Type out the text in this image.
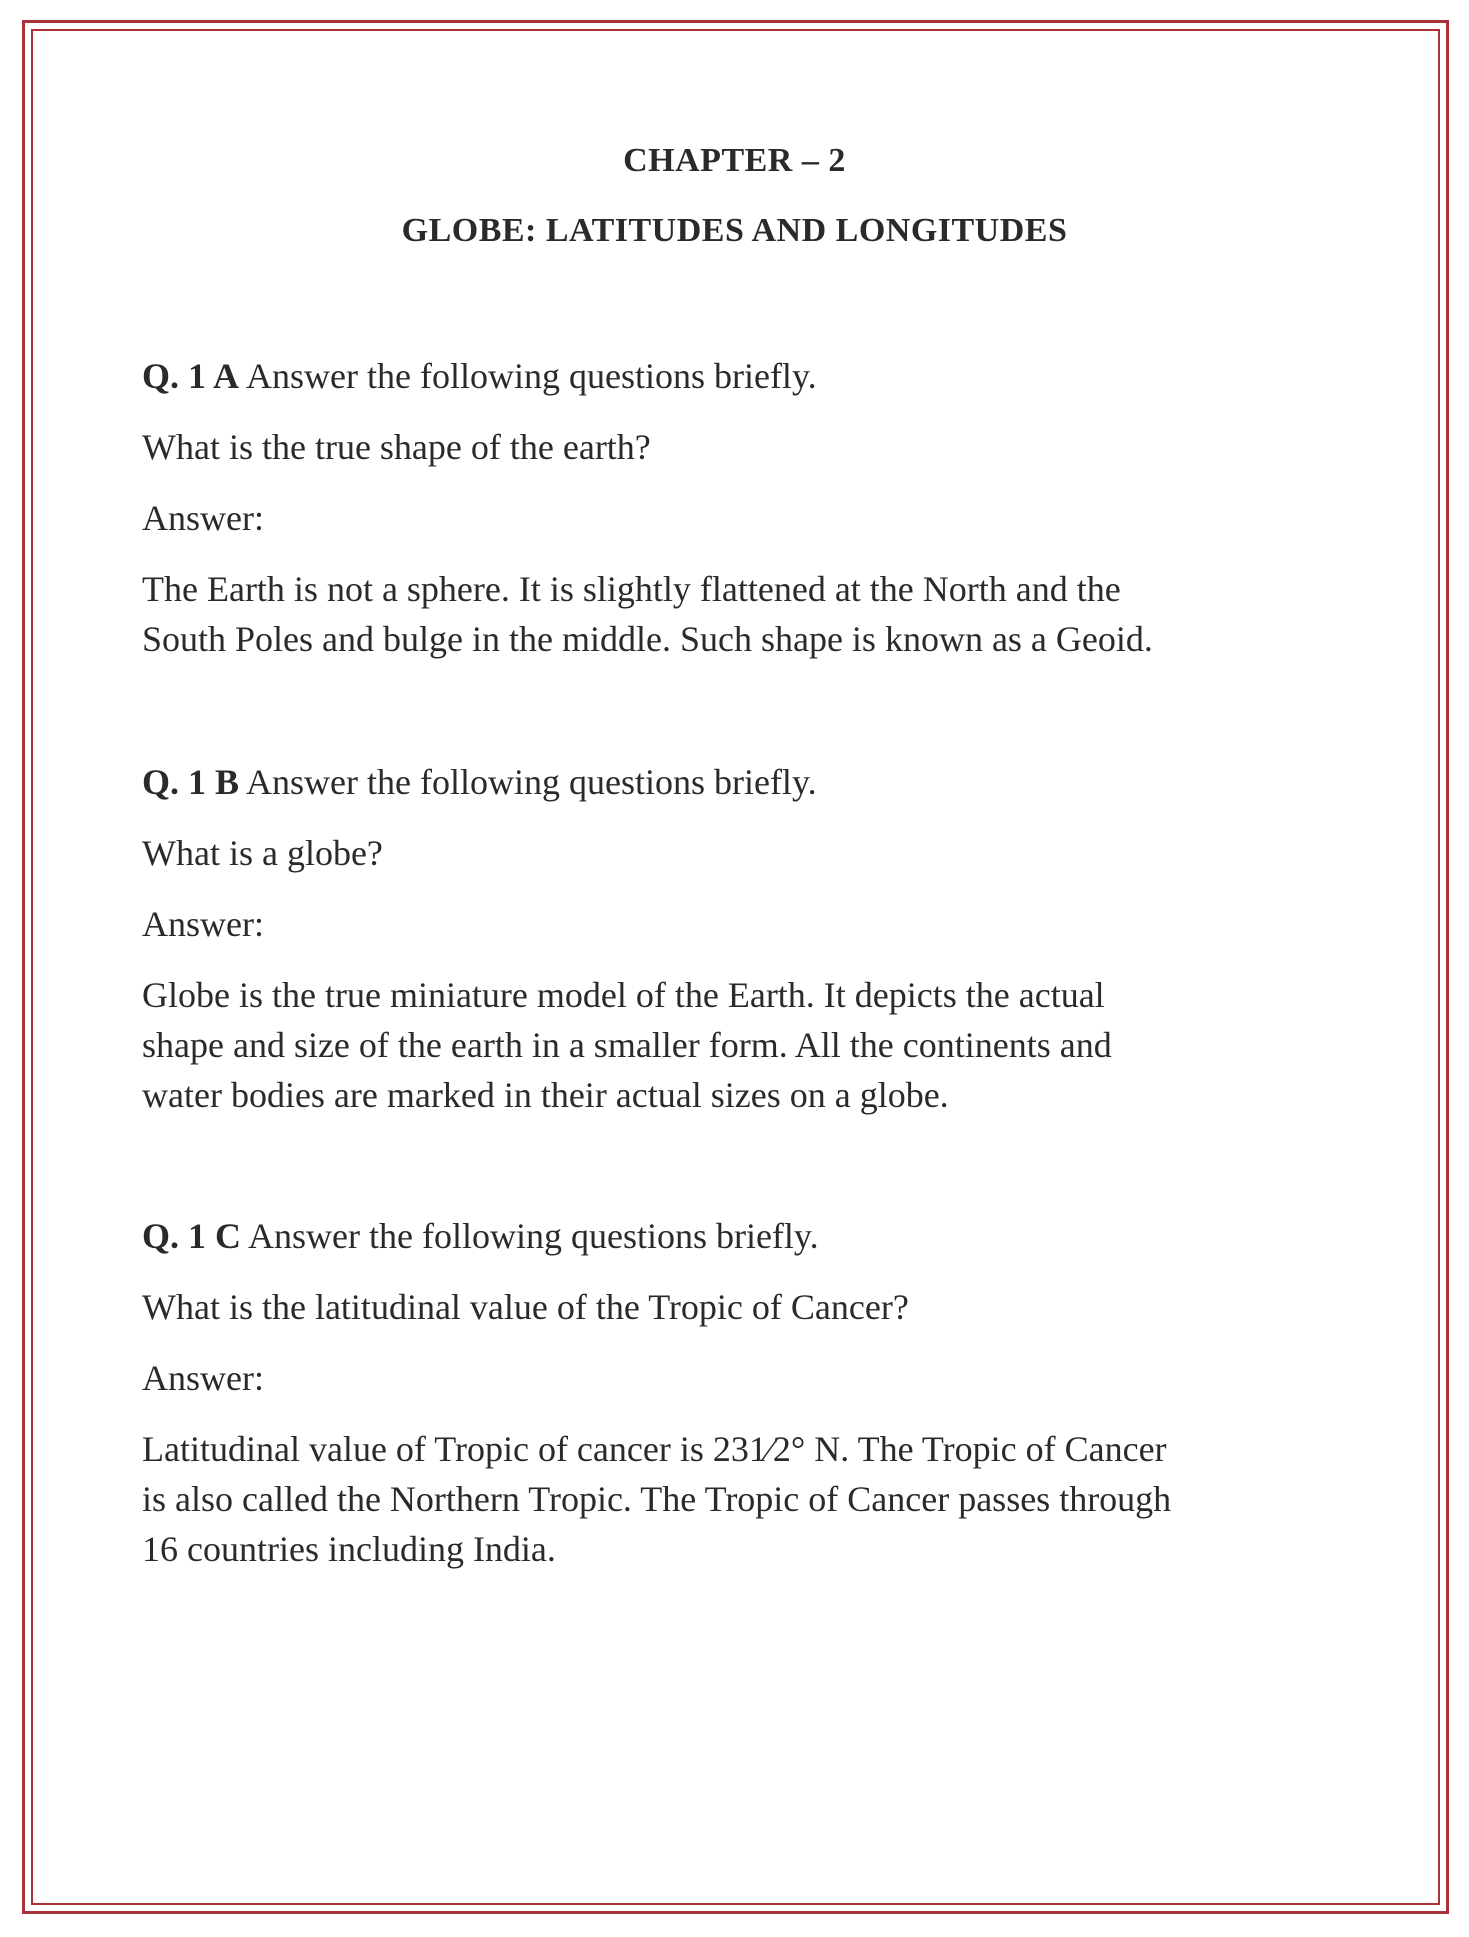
CHAPTER – 2
GLOBE: LATITUDES AND LONGITUDES

Q. 1 A Answer the following questions briefly.

What is the true shape of the earth?

Answer:

The Earth is not a sphere. It is slightly flattened at the North and the
South Poles and bulge in the middle. Such shape is known as a Geoid.

Q. 1 B Answer the following questions briefly.

What is a globe?

Answer:

Globe is the true miniature model of the Earth. It depicts the actual
shape and size of the earth in a smaller form. All the continents and
water bodies are marked in their actual sizes on a globe.

Q. 1 C Answer the following questions briefly.

What is the latitudinal value of the Tropic of Cancer?

Answer:

Latitudinal value of Tropic of cancer is 231⁄2° N. The Tropic of Cancer
is also called the Northern Tropic. The Tropic of Cancer passes through
16 countries including India.
